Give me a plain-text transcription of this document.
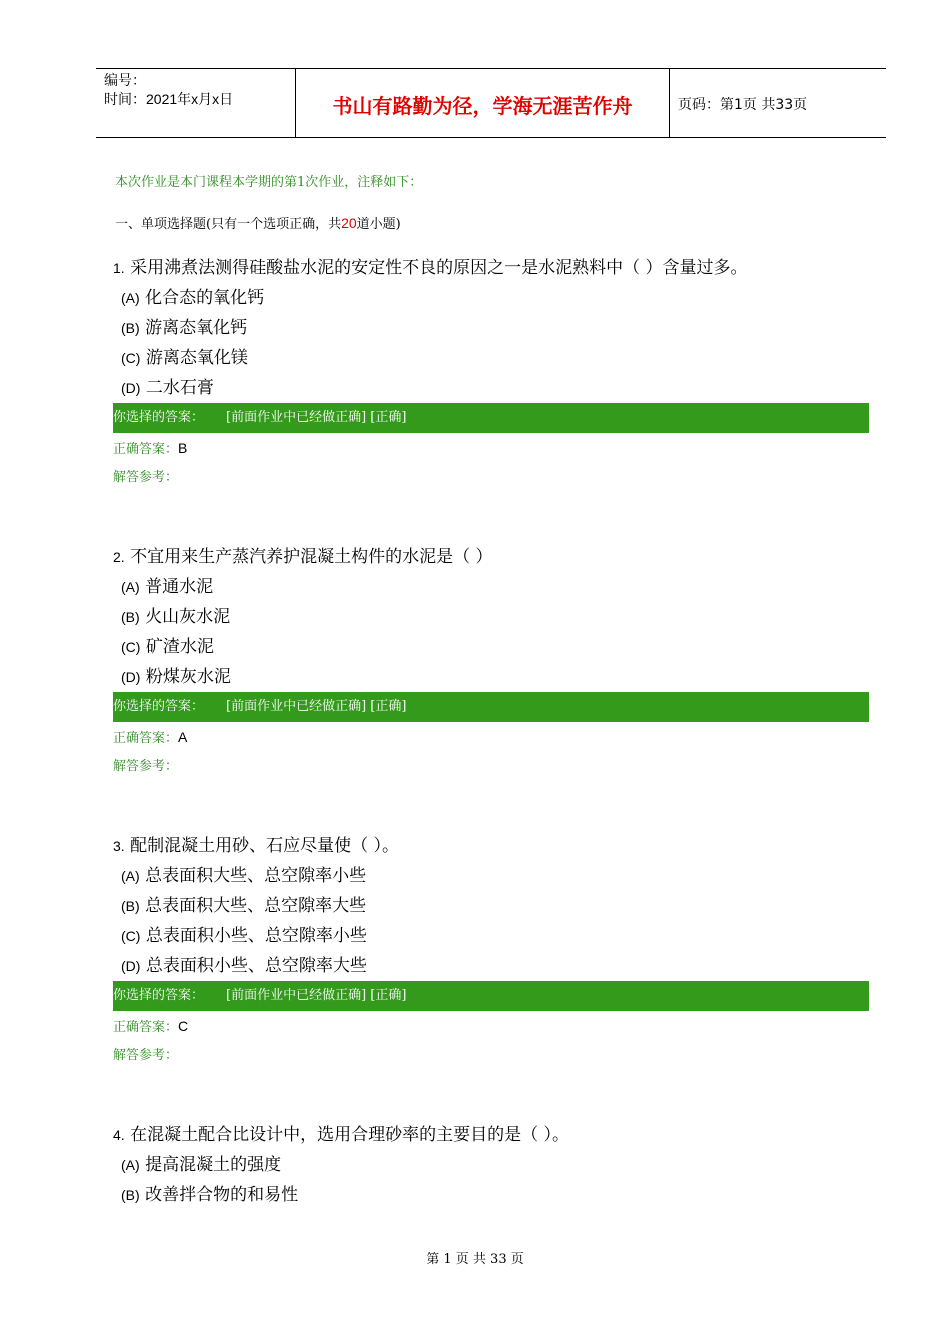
编号：
时间：2021年x月x日	书山有路勤为径，学海无涯苦作舟	页码：第1页 共33页
本次作业是本门课程本学期的第1次作业，注释如下：
一、单项选择题(只有一个选项正确，共20道小题)
1. 采用沸煮法测得硅酸盐水泥的安定性不良的原因之一是水泥熟料中（ ）含量过多。
(A) 化合态的氧化钙
(B) 游离态氧化钙
(C) 游离态氧化镁
(D) 二水石膏
你选择的答案： [前面作业中已经做正确] [正确]
正确答案：B
解答参考：
2. 不宜用来生产蒸汽养护混凝土构件的水泥是（ ）
(A) 普通水泥
(B) 火山灰水泥
(C) 矿渣水泥
(D) 粉煤灰水泥
你选择的答案： [前面作业中已经做正确] [正确]
正确答案：A
解答参考：
3. 配制混凝土用砂、石应尽量使（ ）。
(A) 总表面积大些、总空隙率小些
(B) 总表面积大些、总空隙率大些
(C) 总表面积小些、总空隙率小些
(D) 总表面积小些、总空隙率大些
你选择的答案： [前面作业中已经做正确] [正确]
正确答案：C
解答参考：
4. 在混凝土配合比设计中，选用合理砂率的主要目的是（ ）。
(A) 提高混凝土的强度
(B) 改善拌合物的和易性
第 1 页 共 33 页
